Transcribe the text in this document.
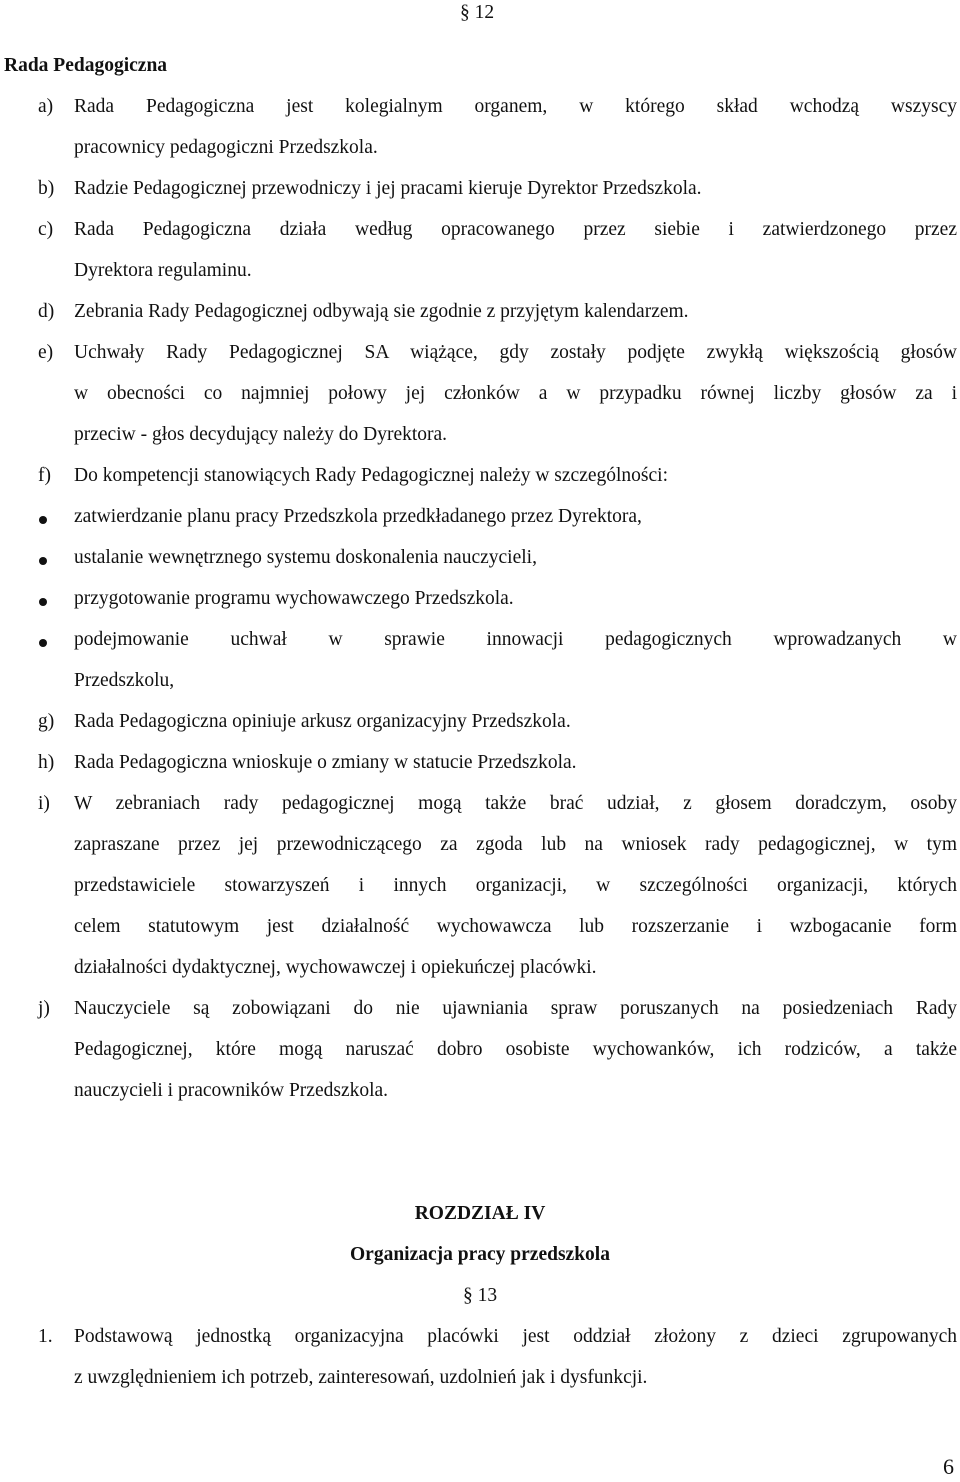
§ 12
Rada Pedagogiczna
a) Rada Pedagogiczna jest kolegialnym organem, w którego skład wchodzą wszyscy
pracownicy pedagogiczni Przedszkola.
b) Radzie Pedagogicznej przewodniczy i jej pracami kieruje Dyrektor Przedszkola.
c) Rada Pedagogiczna działa według opracowanego przez siebie i zatwierdzonego przez
Dyrektora regulaminu.
d) Zebrania Rady Pedagogicznej odbywają sie zgodnie z przyjętym kalendarzem.
e) Uchwały Rady Pedagogicznej SA wiążące, gdy zostały podjęte zwykłą większością głosów
w obecności co najmniej połowy jej członków a w przypadku równej liczby głosów za i
przeciw - głos decydujący należy do Dyrektora.
f) Do kompetencji stanowiących Rady Pedagogicznej należy w szczególności:
zatwierdzanie planu pracy Przedszkola przedkładanego przez Dyrektora,
ustalanie wewnętrznego systemu doskonalenia nauczycieli,
przygotowanie programu wychowawczego Przedszkola.
podejmowanie uchwał w sprawie innowacji pedagogicznych wprowadzanych w
Przedszkolu,
g) Rada Pedagogiczna opiniuje arkusz organizacyjny Przedszkola.
h) Rada Pedagogiczna wnioskuje o zmiany w statucie Przedszkola.
i) W zebraniach rady pedagogicznej mogą także brać udział, z głosem doradczym, osoby
zapraszane przez jej przewodniczącego za zgoda lub na wniosek rady pedagogicznej, w tym
przedstawiciele stowarzyszeń i innych organizacji, w szczególności organizacji, których
celem statutowym jest działalność wychowawcza lub rozszerzanie i wzbogacanie form
działalności dydaktycznej, wychowawczej i opiekuńczej placówki.
j) Nauczyciele są zobowiązani do nie ujawniania spraw poruszanych na posiedzeniach Rady
Pedagogicznej, które mogą naruszać dobro osobiste wychowanków, ich rodziców, a także
nauczycieli i pracowników Przedszkola.
ROZDZIAŁ IV
Organizacja pracy przedszkola
§ 13
1. Podstawową jednostką organizacyjna placówki jest oddział złożony z dzieci zgrupowanych
z uwzględnieniem ich potrzeb, zainteresowań, uzdolnień jak i dysfunkcji.
6
